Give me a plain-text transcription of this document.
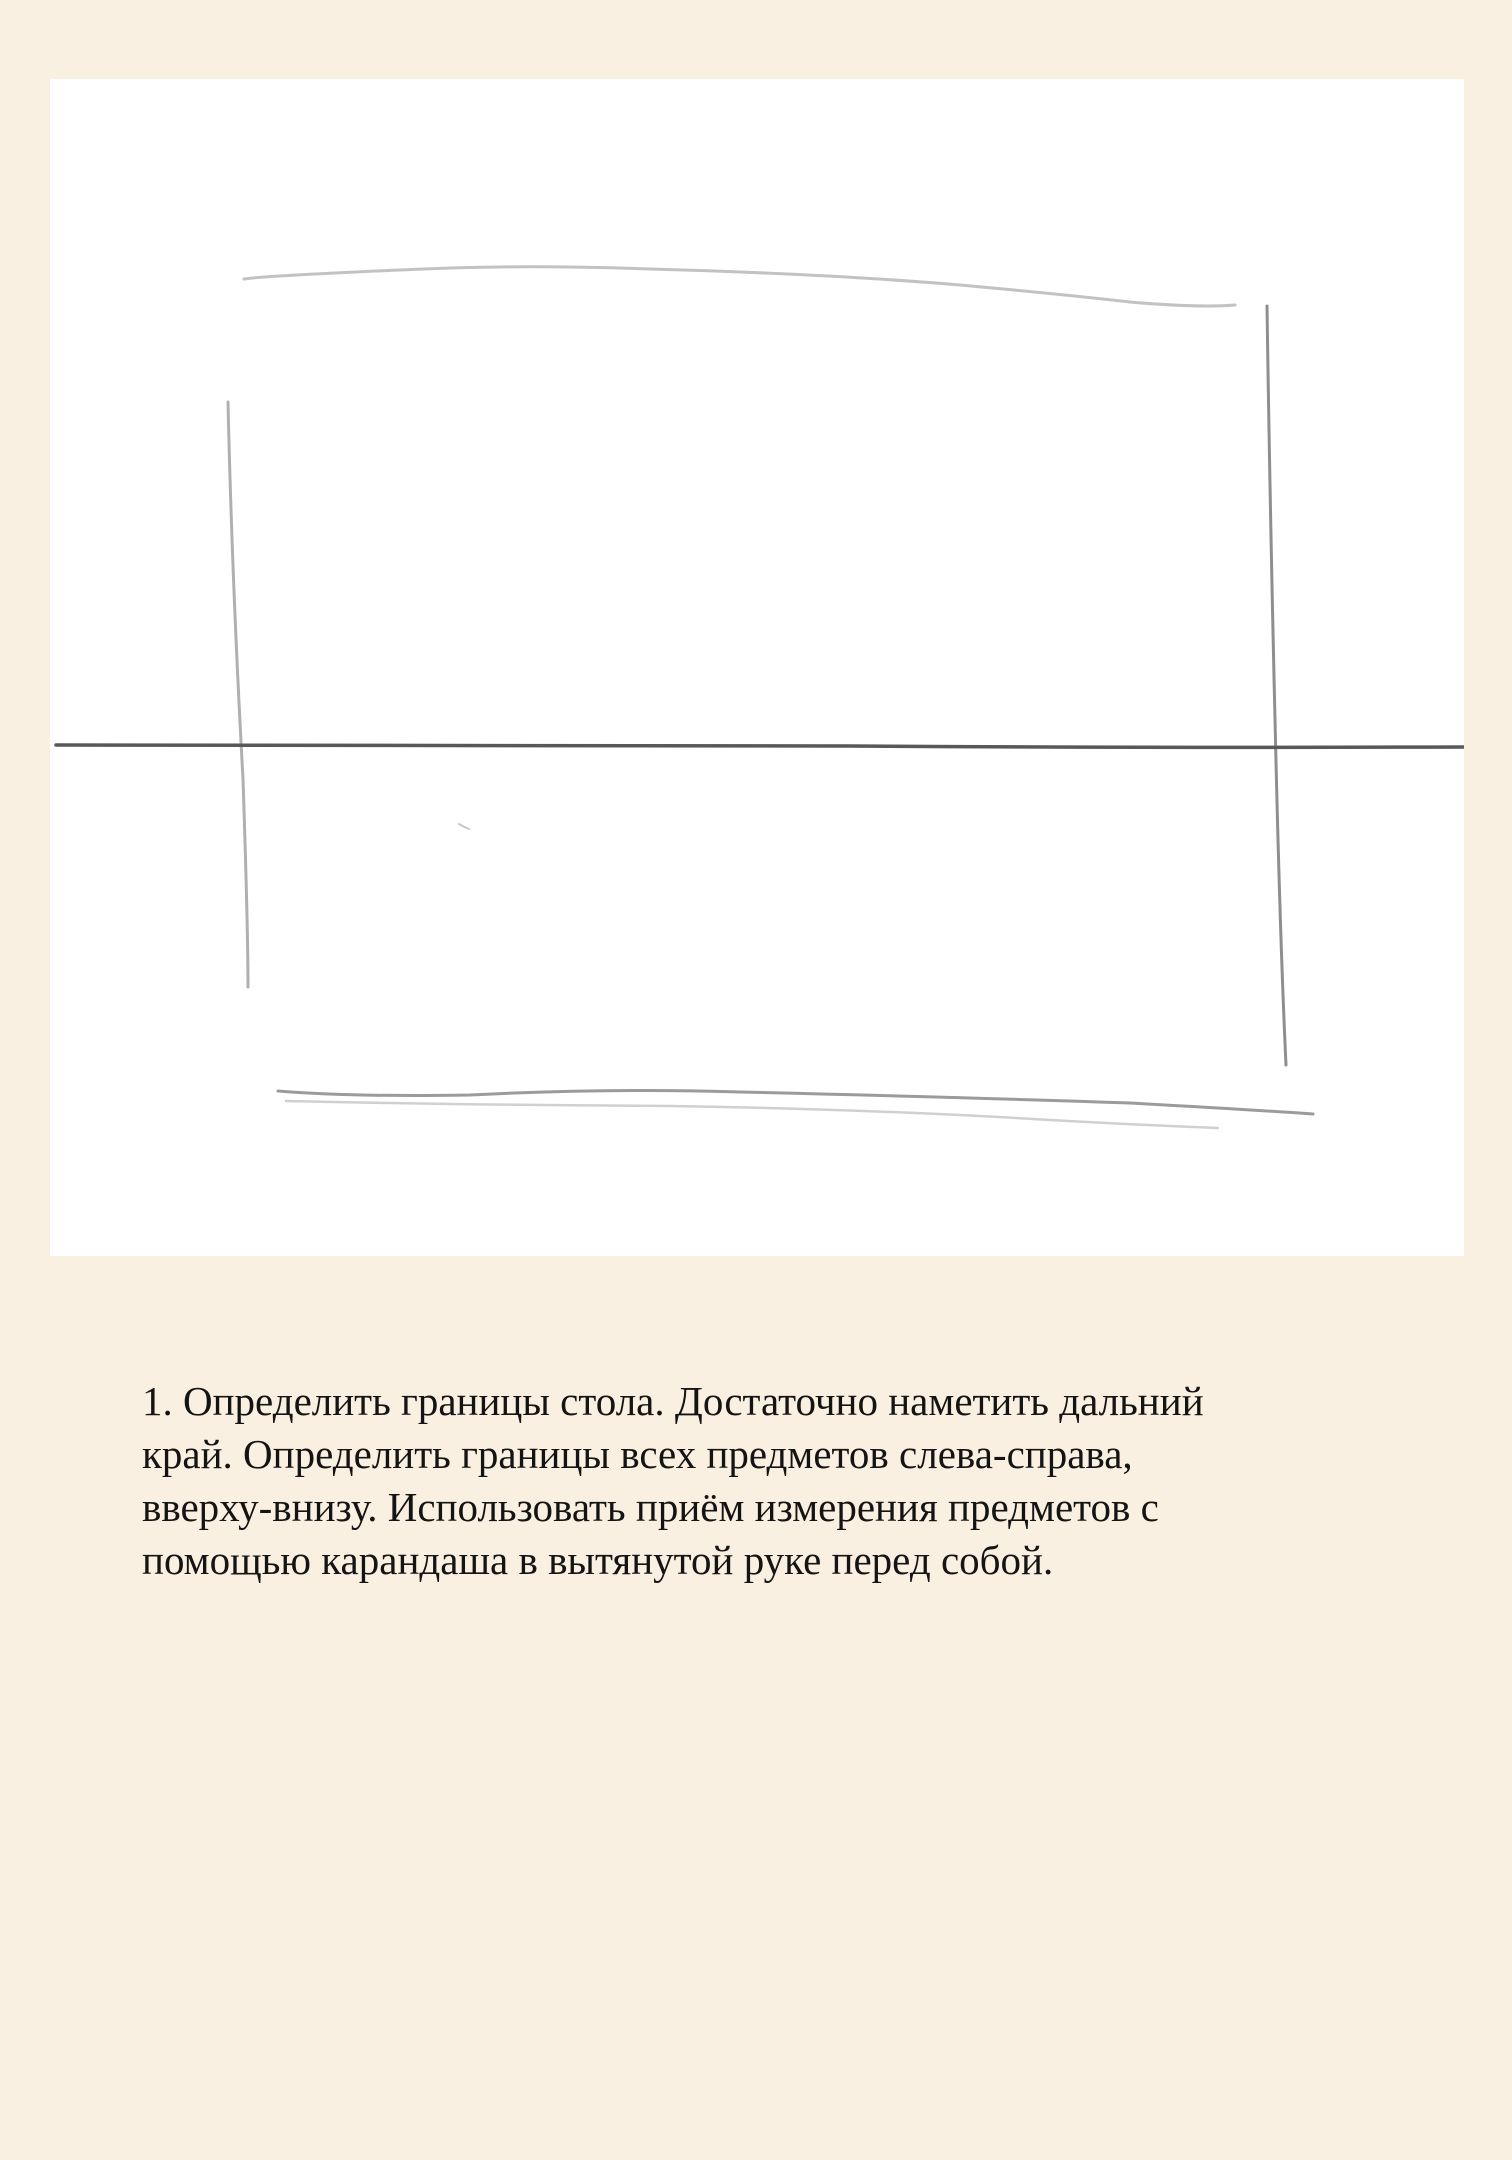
1. Определить границы стола. Достаточно наметить дальний
край. Определить границы всех предметов слева-справа,
вверху-внизу. Использовать приём измерения предметов с
помощью карандаша в вытянутой руке перед собой.
